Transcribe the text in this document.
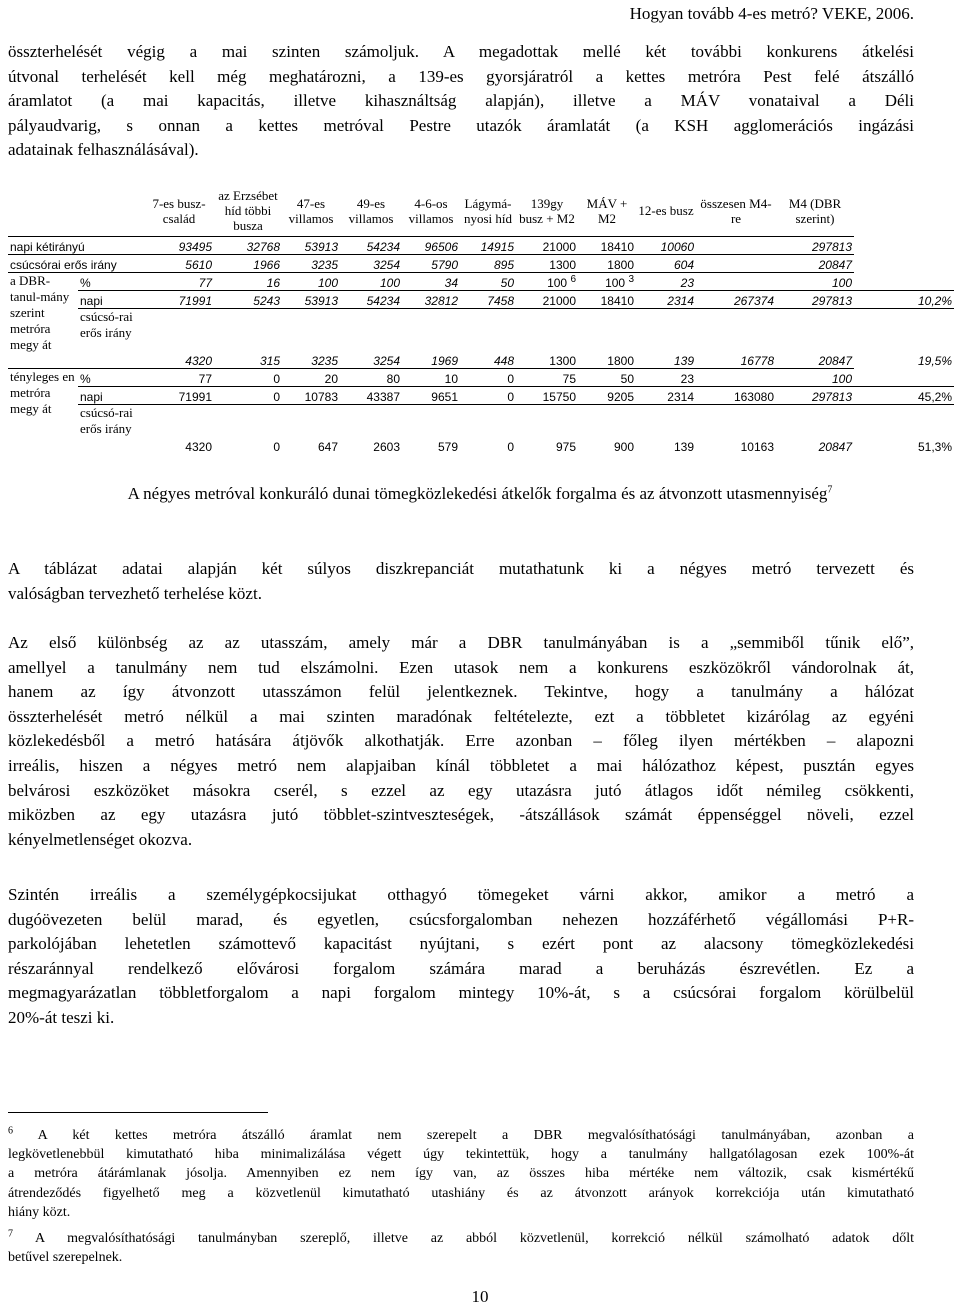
Hogyan tovább 4-es metró? VEKE, 2006.

összterhelését végig a mai szinten számoljuk. A megadottak mellé két további konkurens átkelési
útvonal terhelését kell még meghatározni, a 139-es gyorsjáratról a kettes metróra Pest felé átszálló
áramlatot (a mai kapacitás, illetve kihasználtság alapján), illetve a MÁV vonataival a Déli
pályaudvarig, s onnan a kettes metróval Pestre utazók áramlatát (a KSH agglomerációs ingázási
adatainak felhasználásával).

		7-es busz-család	az Erzsébet híd többi busza	47-es villamos	49-es villamos	4-6-os villamos	Lágymá-nyosi híd	139gy busz + M2	MÁV + M2	12-es busz	összesen M4-re	M4 (DBR szerint)	
napi kétirányú		93495	32768	53913	54234	96506	14915	21000	18410	10060		297813	
csúcsórai erős irány		5610	1966	3235	3254	5790	895	1300	1800	604		20847	
a DBR-tanul-mány szerint metróra megy át	%	77	16	100	100	34	50	100 $^6$	100 $^3$	23		100	
	napi	71991	5243	53913	54234	32812	7458	21000	18410	2314	267374	297813	10,2%
	csúcsó-rai erős irány	4320	315	3235	3254	1969	448	1300	1800	139	16778	20847	19,5%
tényleges en metróra megy át	%	77	0	20	80	10	0	75	50	23		100	
	napi	71991	0	10783	43387	9651	0	15750	9205	2314	163080	297813	45,2%
	csúcsó-rai erős irány	4320	0	647	2603	579	0	975	900	139	10163	20847	51,3%
A négyes metróval konkuráló dunai tömegközlekedési átkelők forgalma és az átvonzott utasmennyiség$^7$

A táblázat adatai alapján két súlyos diszkrepanciát mutathatunk ki a négyes metró tervezett és
valóságban tervezhető terhelése közt.

Az első különbség az az utasszám, amely már a DBR tanulmányában is a „semmiből tűnik elő”,
amellyel a tanulmány nem tud elszámolni. Ezen utasok nem a konkurens eszközökről vándorolnak át,
hanem az így átvonzott utasszámon felül jelentkeznek. Tekintve, hogy a tanulmány a hálózat
összterhelését metró nélkül a mai szinten maradónak feltételezte, ezt a többletet kizárólag az egyéni
közlekedésből a metró hatására átjövők alkothatják. Erre azonban – főleg ilyen mértékben – alapozni
irreális, hiszen a négyes metró nem alapjaiban kínál többletet a mai hálózathoz képest, pusztán egyes
belvárosi eszközöket másokra cserél, s ezzel az egy utazásra jutó átlagos időt némileg csökkenti,
miközben az egy utazásra jutó többlet-szintveszteségek, -átszállások számát éppenséggel növeli, ezzel
kényelmetlenséget okozva.

Szintén irreális a személygépkocsijukat otthagyó tömegeket várni akkor, amikor a metró a
dugóövezeten belül marad, és egyetlen, csúcsforgalomban nehezen hozzáférhető végállomási P+R-
parkolójában lehetetlen számottevő kapacitást nyújtani, s ezért pont az alacsony tömegközlekedési
részaránnyal rendelkező elővárosi forgalom számára marad a beruházás észrevétlen. Ez a
megmagyarázatlan többletforgalom a napi forgalom mintegy 10%-át, s a csúcsórai forgalom körülbelül
20%-át teszi ki.

$^6$ A két kettes metróra átszálló áramlat nem szerepelt a DBR megvalósíthatósági tanulmányában, azonban a
legkövetlenebbül kimutatható hiba minimalizálása végett úgy tekintettük, hogy a tanulmány hallgatólagosan ezek 100%-át
a metróra átárámlanak jósolja. Amennyiben ez nem így van, az összes hiba mértéke nem változik, csak kismértékű
átrendeződés figyelhető meg a közvetlenül kimutatható utashiány és az átvonzott arányok korrekciója után kimutatható
hiány közt.

$^7$ A megvalósíthatósági tanulmányban szereplő, illetve az abból közvetlenül, korrekció nélkül számolható adatok dőlt
betűvel szerepelnek.

10
